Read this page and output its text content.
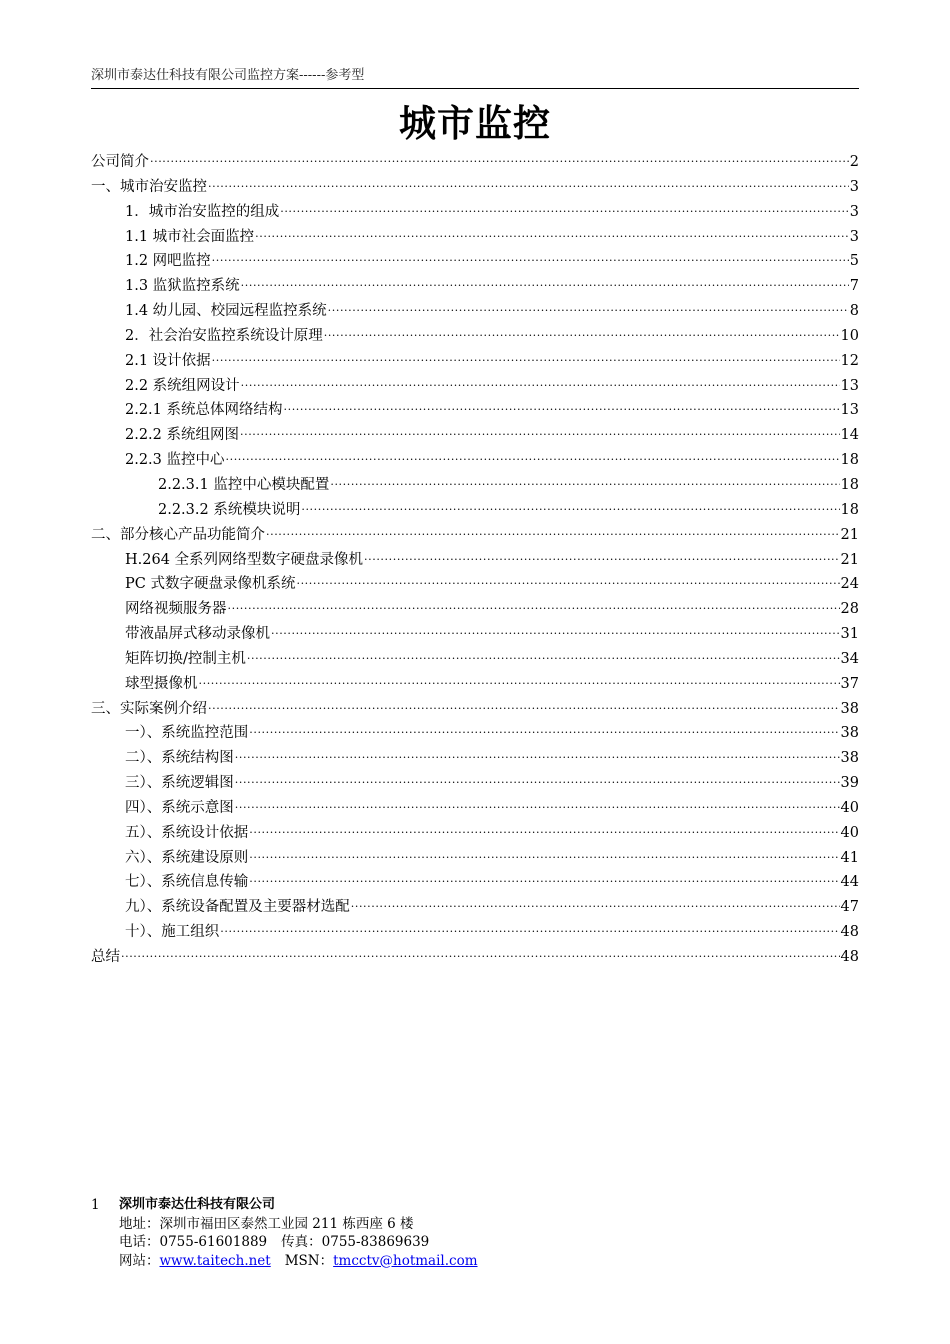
深圳市泰达仕科技有限公司监控方案------参考型
城市监控
公司简介 .....	2
一、城市治安监控 .....	3
1．城市治安监控的组成 .....	3
1.1 城市社会面监控 .....	3
1.2 网吧监控 .....	5
1.3 监狱监控系统 .....	7
1.4 幼儿园、校园远程监控系统 .....	8
2．社会治安监控系统设计原理 .....	10
2.1 设计依据 .....	12
2.2 系统组网设计 .....	13
2.2.1 系统总体网络结构 .....	13
2.2.2 系统组网图 .....	14
2.2.3 监控中心 .....	18
2.2.3.1 监控中心模块配置 .....	18
2.2.3.2 系统模块说明 .....	18
二、部分核心产品功能简介 .....	21
H.264 全系列网络型数字硬盘录像机 .....	21
PC 式数字硬盘录像机系统 .....	24
网络视频服务器 .....	28
带液晶屏式移动录像机 .....	31
矩阵切换/控制主机 .....	34
球型摄像机 .....	37
三、实际案例介绍 .....	38
一）、系统监控范围 .....	38
二）、系统结构图 .....	38
三）、系统逻辑图 .....	39
四）、系统示意图 .....	40
五）、系统设计依据 .....	40
六）、系统建设原则 .....	41
七）、系统信息传输 .....	44
九）、系统设备配置及主要器材选配 .....	47
十）、施工组织 .....	48
总结 .....	48
1 深圳市泰达仕科技有限公司
地址：深圳市福田区泰然工业园 211 栋西座 6 楼
电话：0755-61601889 传真：0755-83869639
网站：www.taitech.net MSN：tmcctv@hotmail.com
